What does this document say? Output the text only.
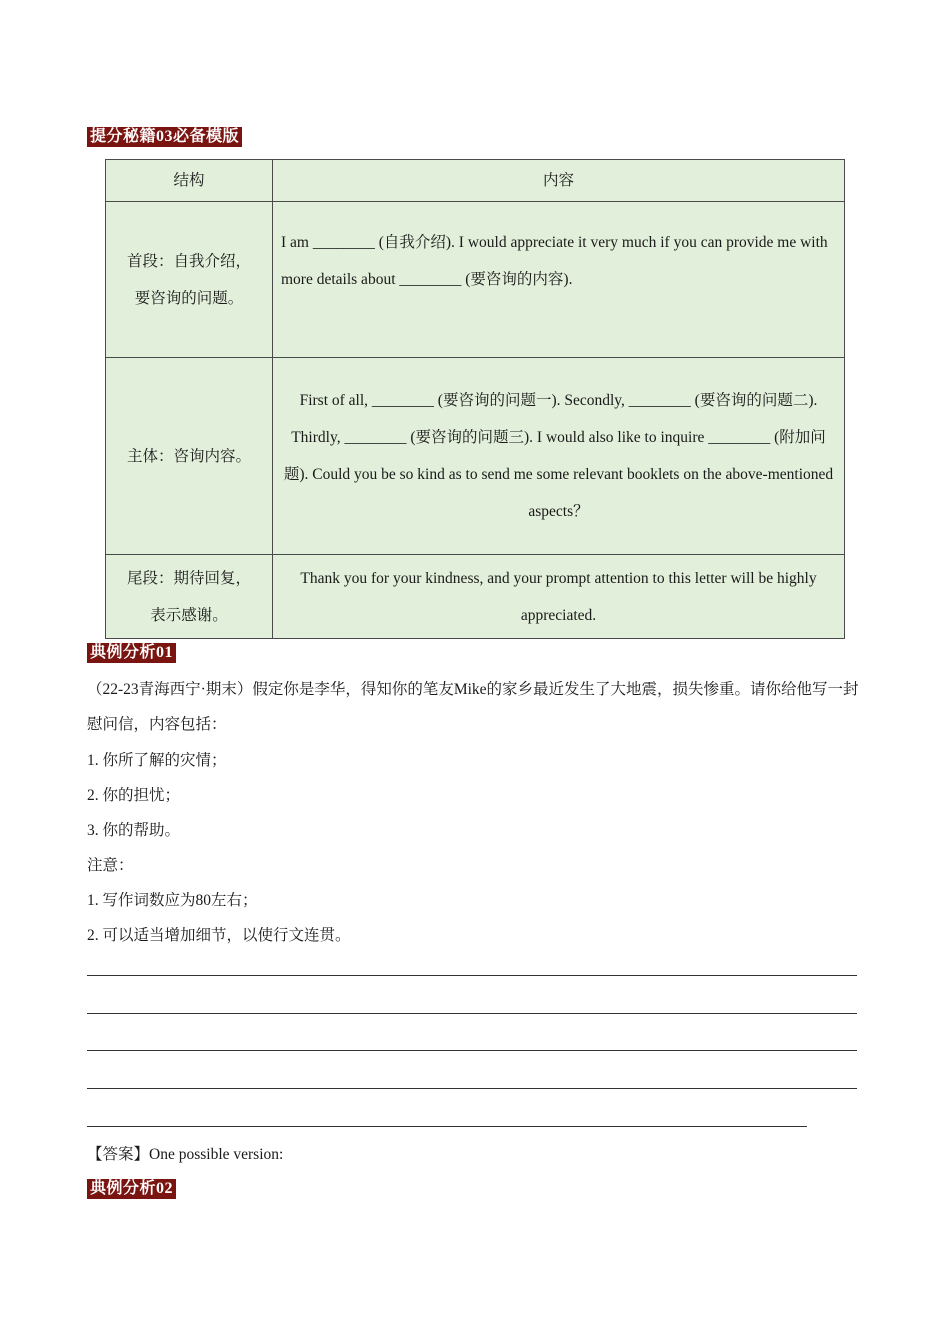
提分秘籍03必备模版
结构	内容

首段：自我介绍，
要咨询的问题。	I am ________ (自我介绍). I would appreciate it very much if you can provide me with more details about ________ (要咨询的内容).

主体：咨询内容。	First of all, ________ (要咨询的问题一). Secondly, ________ (要咨询的问题二). Thirdly, ________ (要咨询的问题三). I would also like to inquire ________ (附加问题). Could you be so kind as to send me some relevant booklets on the above-mentioned aspects？

尾段：期待回复，
表示感谢。	Thank you for your kindness, and your prompt attention to this letter will be highly appreciated.
典例分析01
（22-23青海西宁·期末）假定你是李华，得知你的笔友Mike的家乡最近发生了大地震，损失惨重。请你给他写一封慰问信，内容包括：
1. 你所了解的灾情；
2. 你的担忧；
3. 你的帮助。
注意：
1. 写作词数应为80左右；
2. 可以适当增加细节，以使行文连贯。
【答案】One possible version:
典例分析02
